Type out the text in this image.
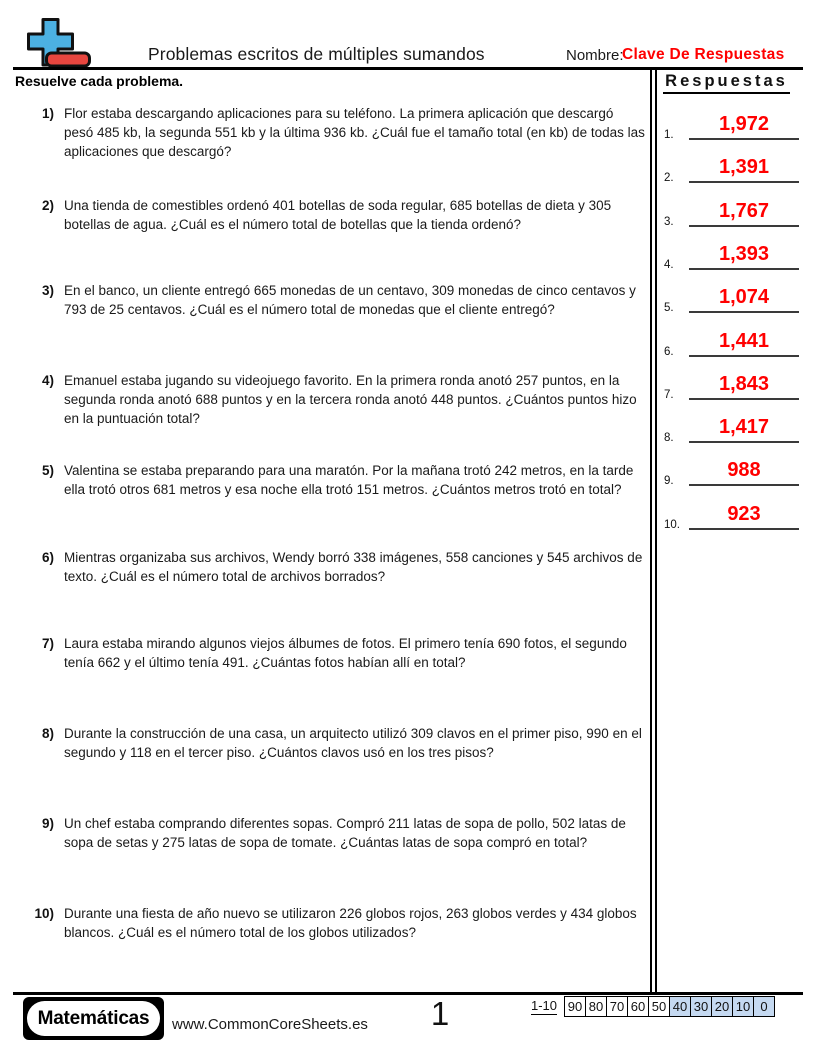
Problemas escritos de múltiples sumandos	Nombre:
Clave De Respuestas
Resuelve cada problema.	Respuestas
1.	1,972
2.	1,391
3.	1,767
4.	1,393
5.	1,074
6.	1,441
7.	1,843
8.	1,417
9.	988
10.	923
1) Flor estaba descargando aplicaciones para su teléfono. La primera aplicación que descargó pesó 485 kb, la segunda 551 kb y la última 936 kb. ¿Cuál fue el tamaño total (en kb) de todas las aplicaciones que descargó?
2) Una tienda de comestibles ordenó 401 botellas de soda regular, 685 botellas de dieta y 305 botellas de agua. ¿Cuál es el número total de botellas que la tienda ordenó?
3) En el banco, un cliente entregó 665 monedas de un centavo, 309 monedas de cinco centavos y 793 de 25 centavos. ¿Cuál es el número total de monedas que el cliente entregó?
4) Emanuel estaba jugando su videojuego favorito. En la primera ronda anotó 257 puntos, en la segunda ronda anotó 688 puntos y en la tercera ronda anotó 448 puntos. ¿Cuántos puntos hizo en la puntuación total?
5) Valentina se estaba preparando para una maratón. Por la mañana trotó 242 metros, en la tarde ella trotó otros 681 metros y esa noche ella trotó 151 metros. ¿Cuántos metros trotó en total?
6) Mientras organizaba sus archivos, Wendy borró 338 imágenes, 558 canciones y 545 archivos de texto. ¿Cuál es el número total de archivos borrados?
7) Laura estaba mirando algunos viejos álbumes de fotos. El primero tenía 690 fotos, el segundo tenía 662 y el último tenía 491. ¿Cuántas fotos habían allí en total?
8) Durante la construcción de una casa, un arquitecto utilizó 309 clavos en el primer piso, 990 en el segundo y 118 en el tercer piso. ¿Cuántos clavos usó en los tres pisos?
9) Un chef estaba comprando diferentes sopas. Compró 211 latas de sopa de pollo, 502 latas de sopa de setas y 275 latas de sopa de tomate. ¿Cuántas latas de sopa compró en total?
10) Durante una fiesta de año nuevo se utilizaron 226 globos rojos, 263 globos verdes y 434 globos blancos. ¿Cuál es el número total de los globos utilizados?
Matemáticas www.CommonCoreSheets.es	1	1-10 90	80	70	60	50	40	30	20	10	0
